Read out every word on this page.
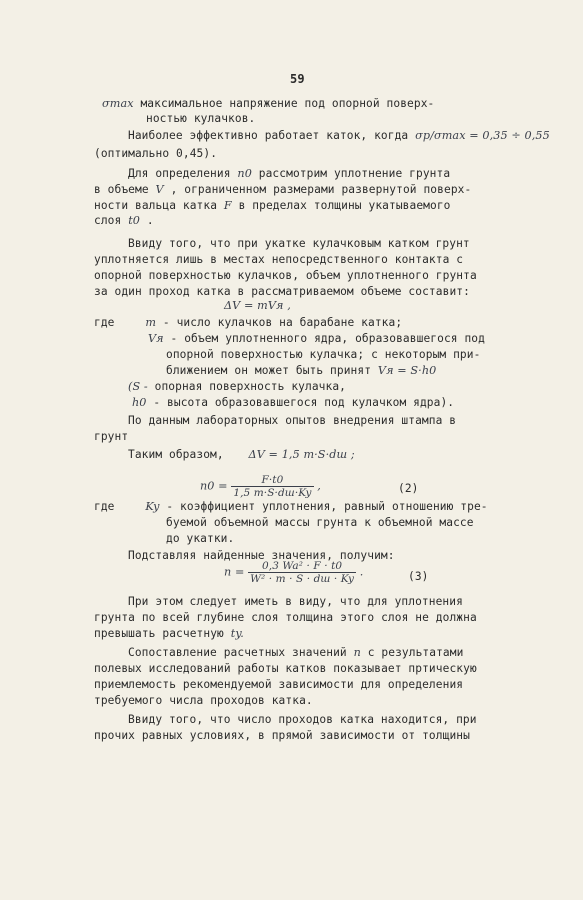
59
σmax максимальное напряжение под опорной поверх-
ностью кулачков.
Наиболее эффективно работает каток, когда σp/σmax = 0,35 ÷ 0,55
(оптимально 0,45).
Для определения n0 рассмотрим уплотнение грунта
в объеме V , ограниченном размерами развернутой поверх-
ности вальца катка F в пределах толщины укатываемого
слоя t0 .
Ввиду того, что при укатке кулачковым катком грунт
уплотняется лишь в местах непосредственного контакта с
опорной поверхностью кулачков, объем уплотненного грунта
за один проход катка в рассматриваемом объеме составит:
ΔV = mVя ,
где	m - число кулачков на барабане катка;
Vя - объем уплотненного ядра, образовавшегося под
опорной поверхностью кулачка; с некоторым при-
ближением он может быть принят Vя = S·h0
(S - опорная поверхность кулачка,
h0 - высота образовавшегося под кулачком ядра).
По данным лабораторных опытов внедрения штампа в
грунт
Таким образом, ΔV = 1,5 m·S·dш ;
$n0 = \frac{F\cdot t0}{1,5 m\cdot S\cdot dш\cdot Ky}$ ,	(2)
где	Ky - коэффициент уплотнения, равный отношению тре-
буемой объемной массы грунта к объемной массе
до укатки.
Подставляя найденные значения, получим:
$n = \frac{\text{0,3 Wa² · F · t0}}{\text{W² · m · S · dш · Ky}}$ .	(3)
При этом следует иметь в виду, что для уплотнения
грунта по всей глубине слоя толщина этого слоя не должна
превышать расчетную ty.
Сопоставление расчетных значений n с результатами
полевых исследований работы катков показывает пртическую
приемлемость рекомендуемой зависимости для определения
требуемого числа проходов катка.
Ввиду того, что число проходов катка находится, при
прочих равных условиях, в прямой зависимости от толщины
